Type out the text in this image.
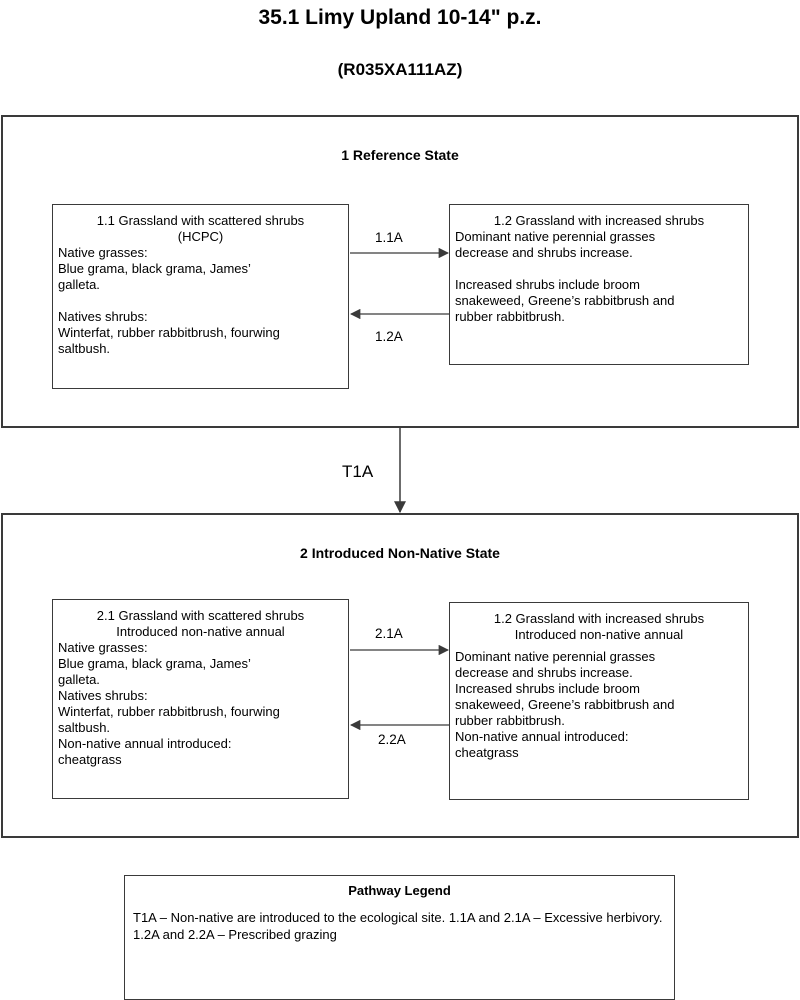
35.1 Limy Upland 10-14" p.z.
(R035XA111AZ)
1 Reference State
1.1 Grassland with scattered shrubs
(HCPC)
Native grasses:
Blue grama, black grama, James’
galleta.
Natives shrubs:
Winterfat, rubber rabbitbrush, fourwing
saltbush.
1.2 Grassland with increased shrubs
Dominant native perennial grasses
decrease and shrubs increase.
Increased shrubs include broom
snakeweed, Greene’s rabbitbrush and
rubber rabbitbrush.
1.1A
1.2A
T1A
2 Introduced Non-Native State
2.1 Grassland with scattered shrubs
Introduced non-native annual
Native grasses:
Blue grama, black grama, James’
galleta.
Natives shrubs:
Winterfat, rubber rabbitbrush, fourwing
saltbush.
Non-native annual introduced:
cheatgrass
1.2 Grassland with increased shrubs
Introduced non-native annual
Dominant native perennial grasses
decrease and shrubs increase.
Increased shrubs include broom
snakeweed, Greene’s rabbitbrush and
rubber rabbitbrush.
Non-native annual introduced:
cheatgrass
2.1A
2.2A
Pathway Legend
T1A – Non-native are introduced to the ecological site. 1.1A and 2.1A – Excessive herbivory. 1.2A and 2.2A – Prescribed grazing
